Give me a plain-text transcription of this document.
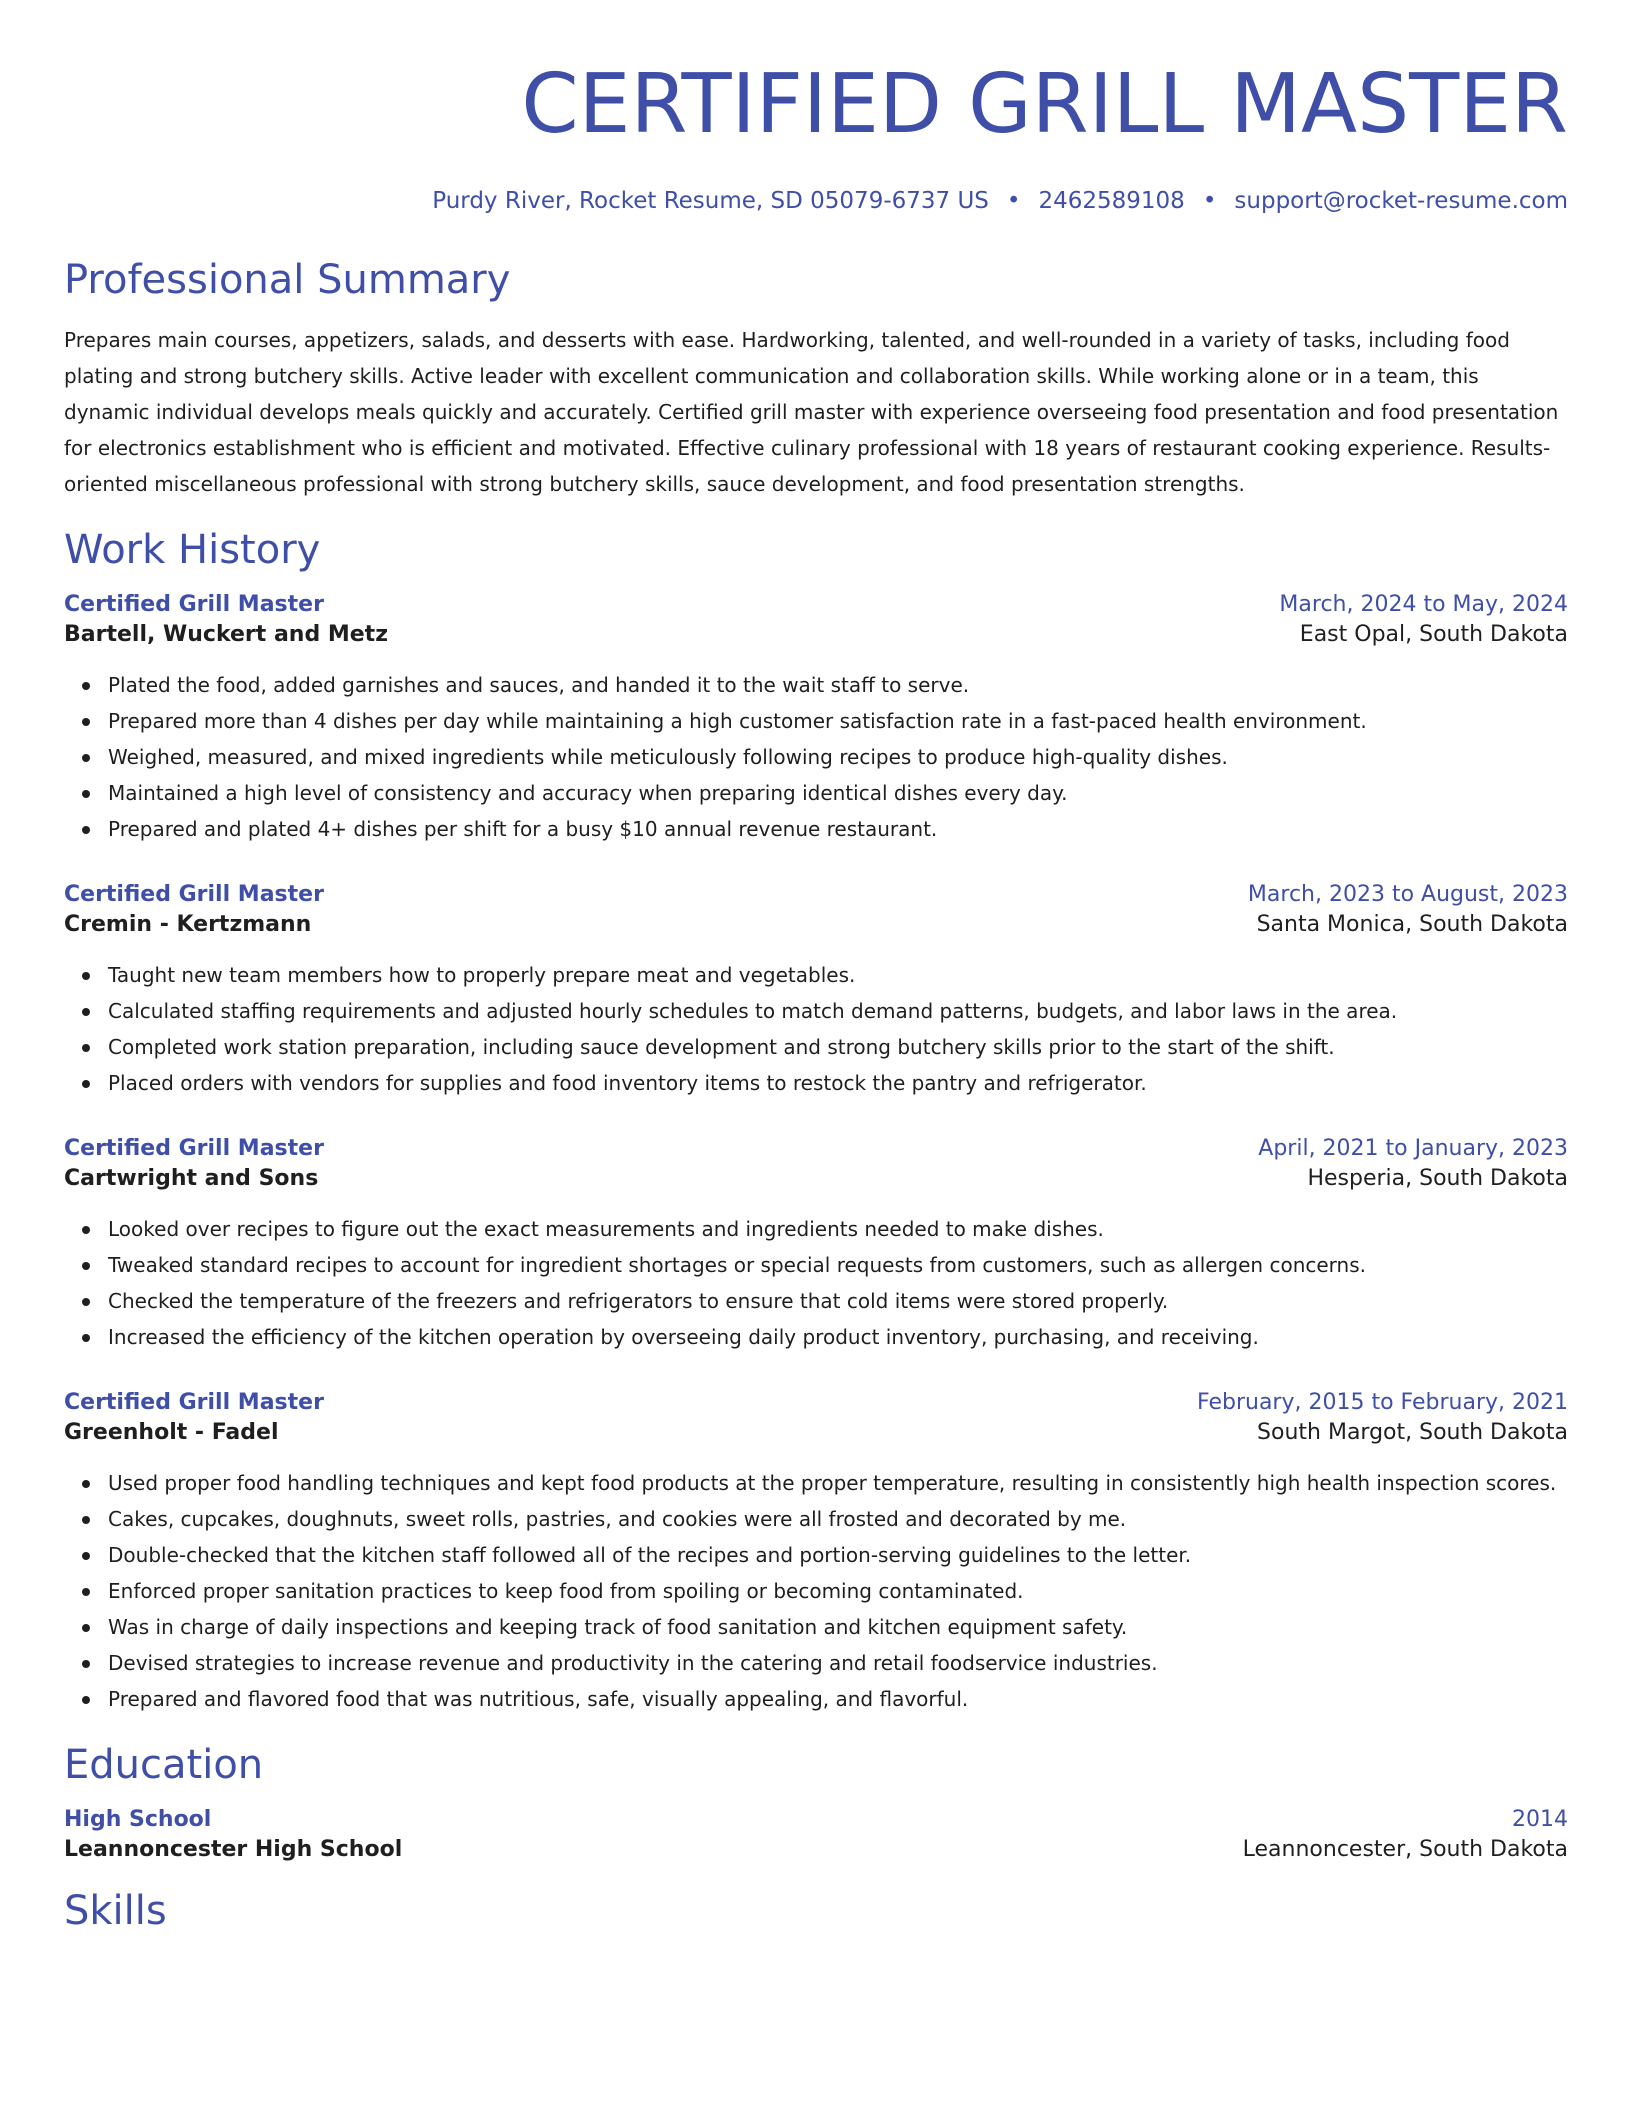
CERTIFIED GRILL MASTER
Purdy River, Rocket Resume, SD 05079-6737 US • 2462589108 • support@rocket-resume.com
Professional Summary

Prepares main courses, appetizers, salads, and desserts with ease. Hardworking, talented, and well-rounded in a variety of tasks, including food plating and strong butchery skills. Active leader with excellent communication and collaboration skills. While working alone or in a team, this dynamic individual develops meals quickly and accurately. Certified grill master with experience overseeing food presentation and food presentation for electronics establishment who is efficient and motivated. Effective culinary professional with 18 years of restaurant cooking experience. Results-oriented miscellaneous professional with strong butchery skills, sauce development, and food presentation strengths.

Work History
Certified Grill Master	March, 2024 to May, 2024
Bartell, Wuckert and Metz	East Opal, South Dakota
Plated the food, added garnishes and sauces, and handed it to the wait staff to serve.
Prepared more than 4 dishes per day while maintaining a high customer satisfaction rate in a fast-paced health environment.
Weighed, measured, and mixed ingredients while meticulously following recipes to produce high-quality dishes.
Maintained a high level of consistency and accuracy when preparing identical dishes every day.
Prepared and plated 4+ dishes per shift for a busy $10 annual revenue restaurant.
Certified Grill Master	March, 2023 to August, 2023
Cremin - Kertzmann	Santa Monica, South Dakota
Taught new team members how to properly prepare meat and vegetables.
Calculated staffing requirements and adjusted hourly schedules to match demand patterns, budgets, and labor laws in the area.
Completed work station preparation, including sauce development and strong butchery skills prior to the start of the shift.
Placed orders with vendors for supplies and food inventory items to restock the pantry and refrigerator.
Certified Grill Master	April, 2021 to January, 2023
Cartwright and Sons	Hesperia, South Dakota
Looked over recipes to figure out the exact measurements and ingredients needed to make dishes.
Tweaked standard recipes to account for ingredient shortages or special requests from customers, such as allergen concerns.
Checked the temperature of the freezers and refrigerators to ensure that cold items were stored properly.
Increased the efficiency of the kitchen operation by overseeing daily product inventory, purchasing, and receiving.
Certified Grill Master	February, 2015 to February, 2021
Greenholt - Fadel	South Margot, South Dakota
Used proper food handling techniques and kept food products at the proper temperature, resulting in consistently high health inspection scores.
Cakes, cupcakes, doughnuts, sweet rolls, pastries, and cookies were all frosted and decorated by me.
Double-checked that the kitchen staff followed all of the recipes and portion-serving guidelines to the letter.
Enforced proper sanitation practices to keep food from spoiling or becoming contaminated.
Was in charge of daily inspections and keeping track of food sanitation and kitchen equipment safety.
Devised strategies to increase revenue and productivity in the catering and retail foodservice industries.
Prepared and flavored food that was nutritious, safe, visually appealing, and flavorful.
Education
High School	2014
Leannoncester High School	Leannoncester, South Dakota
Skills
